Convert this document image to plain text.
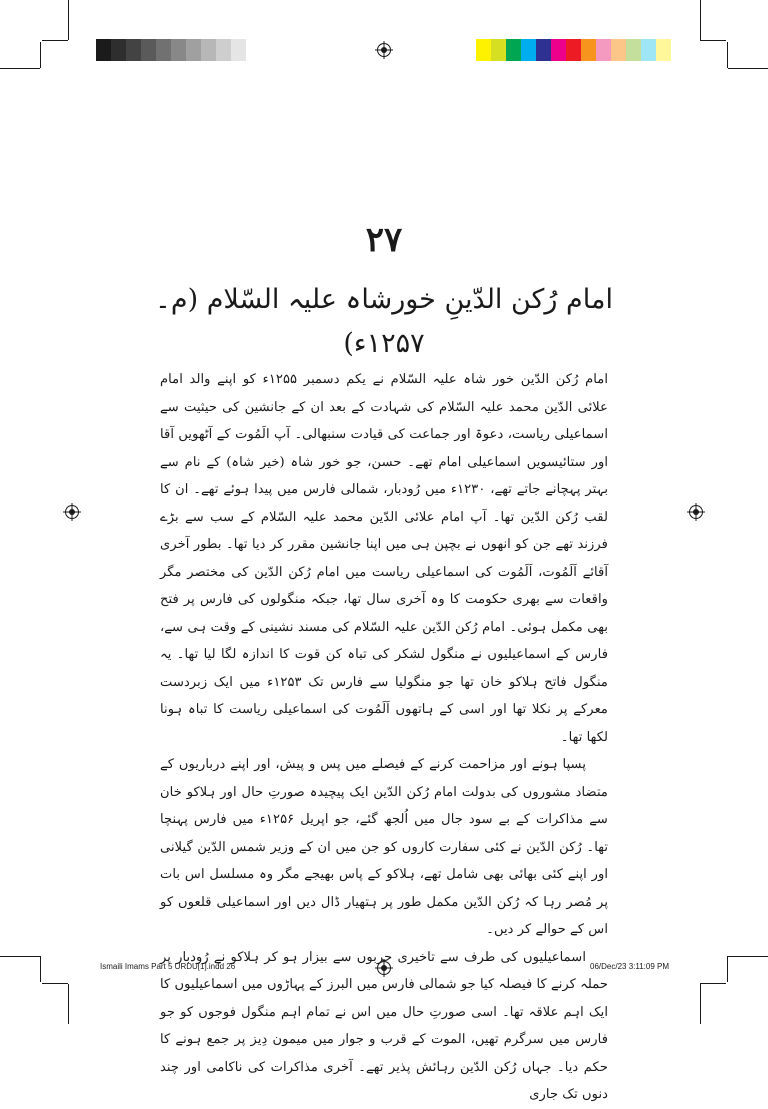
۲۷
امام رُکن الدّینِ خورشاہ علیہ السّلام (م۔ ۱۲۵۷ء)

امام رُکن الدّین خور شاہ علیہ السّلام نے یکم دسمبر ۱۲۵۵ء کو اپنے والد امام علائی الدّین محمد علیہ السّلام کی شہادت کے بعد ان کے جانشین کی حیثیت سے اسماعیلی ریاست، دعوۃ اور جماعت کی قیادت سنبھالی۔ آپ الَمُوت کے آٹھویں آقا اور ستائیسویں اسماعیلی امام تھے۔ حسن، جو خور شاہ (خیر شاہ) کے نام سے بہتر پہچانے جاتے تھے، ۱۲۳۰ء میں رُودبار، شمالی فارس میں پیدا ہوئے تھے۔ ان کا لقب رُکن الدّین تھا۔ آپ امام علائی الدّین محمد علیہ السّلام کے سب سے بڑے فرزند تھے جن کو انھوں نے بچپن ہی میں اپنا جانشین مقرر کر دیا تھا۔ بطور آخری آقائے اَلَمُوت، اَلَمُوت کی اسماعیلی ریاست میں امام رُکن الدّین کی مختصر مگر واقعات سے بھری حکومت کا وہ آخری سال تھا، جبکہ منگولوں کی فارس پر فتح بھی مکمل ہوئی۔ امام رُکن الدّین علیہ السّلام کی مسند نشینی کے وقت ہی سے، فارس کے اسماعیلیوں نے منگول لشکر کی تباہ کن قوت کا اندازہ لگا لیا تھا۔ یہ منگول فاتح ہلاکو خان تھا جو منگولیا سے فارس تک ۱۲۵۳ء میں ایک زبردست معرکے پر نکلا تھا اور اسی کے ہاتھوں اَلَمُوت کی اسماعیلی ریاست کا تباہ ہونا لکھا تھا۔

پسپا ہونے اور مزاحمت کرنے کے فیصلے میں پس و پیش، اور اپنے درباریوں کے متضاد مشوروں کی بدولت امام رُکن الدّین ایک پیچیدہ صورتِ حال اور ہلاکو خان سے مذاکرات کے بے سود جال میں اُلجھ گئے، جو اپریل ۱۲۵۶ء میں فارس پہنچا تھا۔ رُکن الدّین نے کئی سفارت کاروں کو جن میں ان کے وزیر شمس الدّین گیلانی اور اپنے کئی بھائی بھی شامل تھے، ہلاکو کے پاس بھیجے مگر وہ مسلسل اس بات پر مُصر رہا کہ رُکن الدّین مکمل طور پر ہتھیار ڈال دیں اور اسماعیلی قلعوں کو اس کے حوالے کر دیں۔

اسماعیلیوں کی طرف سے تاخیری حربوں سے بیزار ہو کر ہلاکو نے رُودبار پر حملہ کرنے کا فیصلہ کیا جو شمالی فارس میں البرز کے پہاڑوں میں اسماعیلیوں کا ایک اہم علاقہ تھا۔ اسی صورتِ حال میں اس نے تمام اہم منگول فوجوں کو جو فارس میں سرگرم تھیں، الموت کے قرب و جوار میں میمون دِیز پر جمع ہونے کا حکم دیا۔ جہاں رُکن الدّین رہائش پذیر تھے۔ آخری مذاکرات کی ناکامی اور چند دنوں تک جاری

Ismaili Imams Part 5 URDU[1].indd 26	06/Dec/23 3:11:09 PM
